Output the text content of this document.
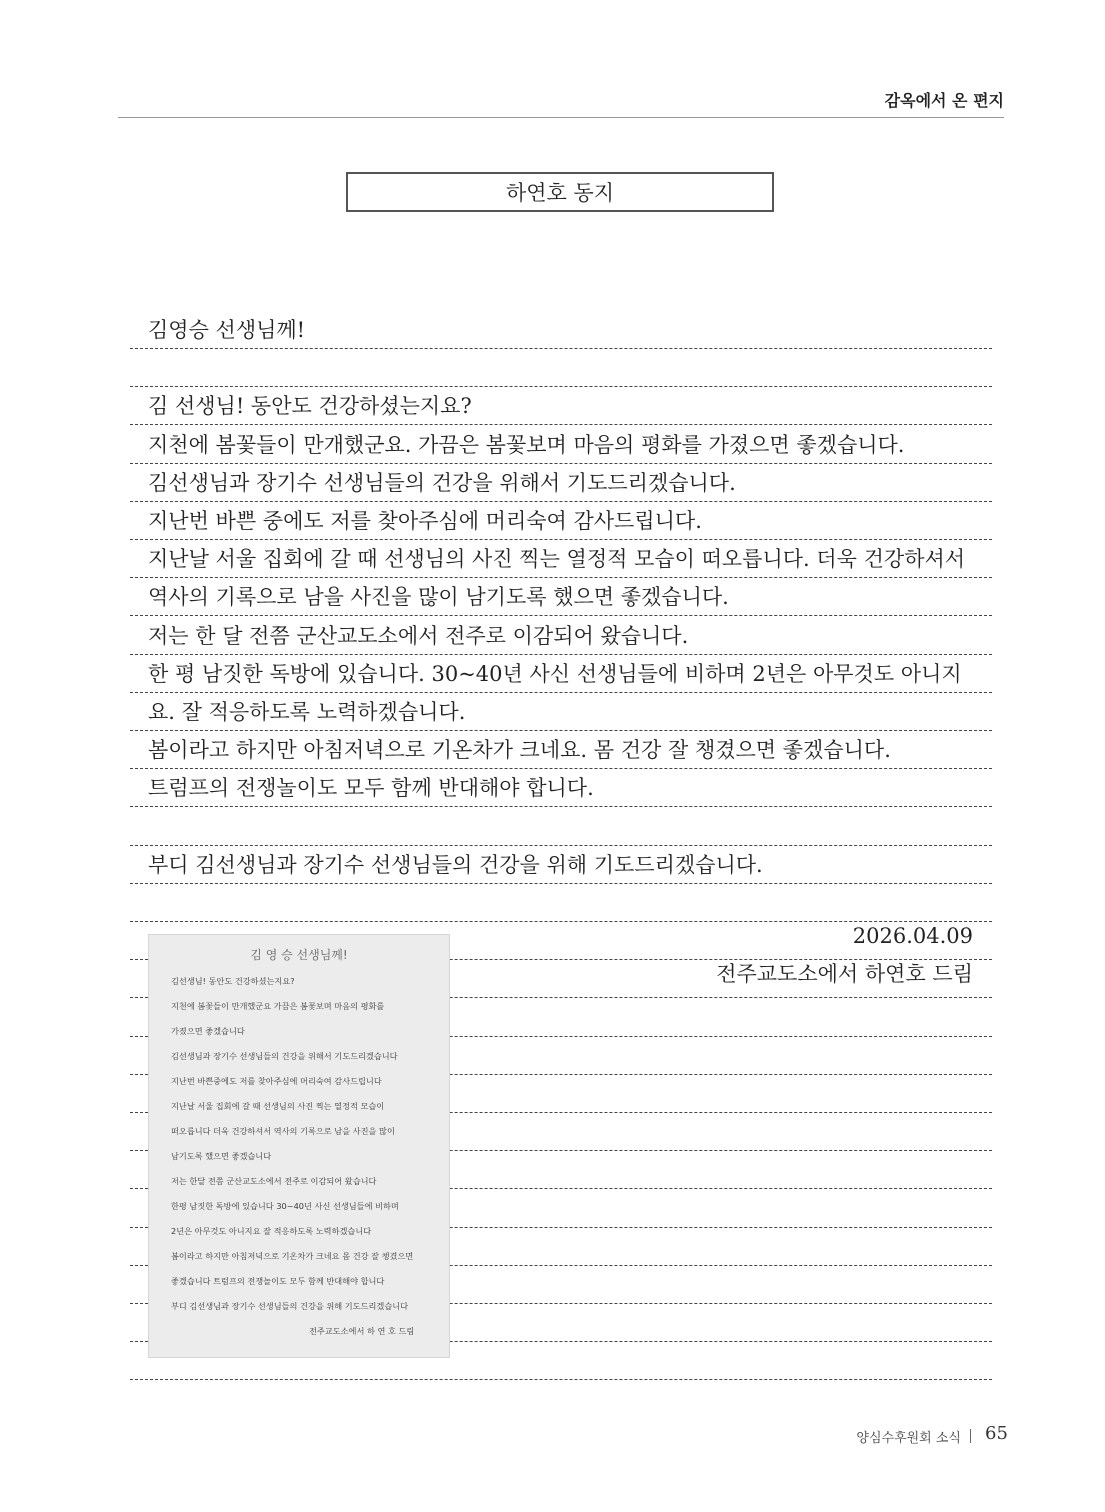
감옥에서 온 편지
하연호 동지
김영승 선생님께!
김 선생님! 동안도 건강하셨는지요?
지천에 봄꽃들이 만개했군요. 가끔은 봄꽃보며 마음의 평화를 가졌으면 좋겠습니다.
김선생님과 장기수 선생님들의 건강을 위해서 기도드리겠습니다.
지난번 바쁜 중에도 저를 찾아주심에 머리숙여 감사드립니다.
지난날 서울 집회에 갈 때 선생님의 사진 찍는 열정적 모습이 떠오릅니다. 더욱 건강하셔서
역사의 기록으로 남을 사진을 많이 남기도록 했으면 좋겠습니다.
저는 한 달 전쯤 군산교도소에서 전주로 이감되어 왔습니다.
한 평 남짓한 독방에 있습니다. 30~40년 사신 선생님들에 비하며 2년은 아무것도 아니지
요. 잘 적응하도록 노력하겠습니다.
봄이라고 하지만 아침저녁으로 기온차가 크네요. 몸 건강 잘 챙겼으면 좋겠습니다.
트럼프의 전쟁놀이도 모두 함께 반대해야 합니다.
부디 김선생님과 장기수 선생님들의 건강을 위해 기도드리겠습니다.
2026.04.09
전주교도소에서 하연호 드림
김 영 승 선생님께!
김선생님! 동안도 건강하셨는지요?
지천에 봄꽃들이 만개했군요 가끔은 봄꽃보며 마음의 평화를
가졌으면 좋겠습니다
김선생님과 장기수 선생님들의 건강을 위해서 기도드리겠습니다
지난번 바쁜중에도 저를 찾아주심에 머리숙여 감사드립니다
지난날 서울 집회에 갈 때 선생님의 사진 찍는 열정적 모습이
떠오릅니다 더욱 건강하셔서 역사의 기록으로 남을 사진을 많이
남기도록 했으면 좋겠습니다
저는 한달 전쯤 군산교도소에서 전주로 이감되어 왔습니다
한평 남짓한 독방에 있습니다 30~40년 사신 선생님들에 비하며
2년은 아무것도 아니지요 잘 적응하도록 노력하겠습니다
봄이라고 하지만 아침저녁으로 기온차가 크네요 몸 건강 잘 챙겼으면
좋겠습니다 트럼프의 전쟁놀이도 모두 함께 반대해야 합니다
부디 김선생님과 장기수 선생님들의 건강을 위해 기도드리겠습니다
전주교도소에서 하 연 호 드림
양심수후원회 소식 65
